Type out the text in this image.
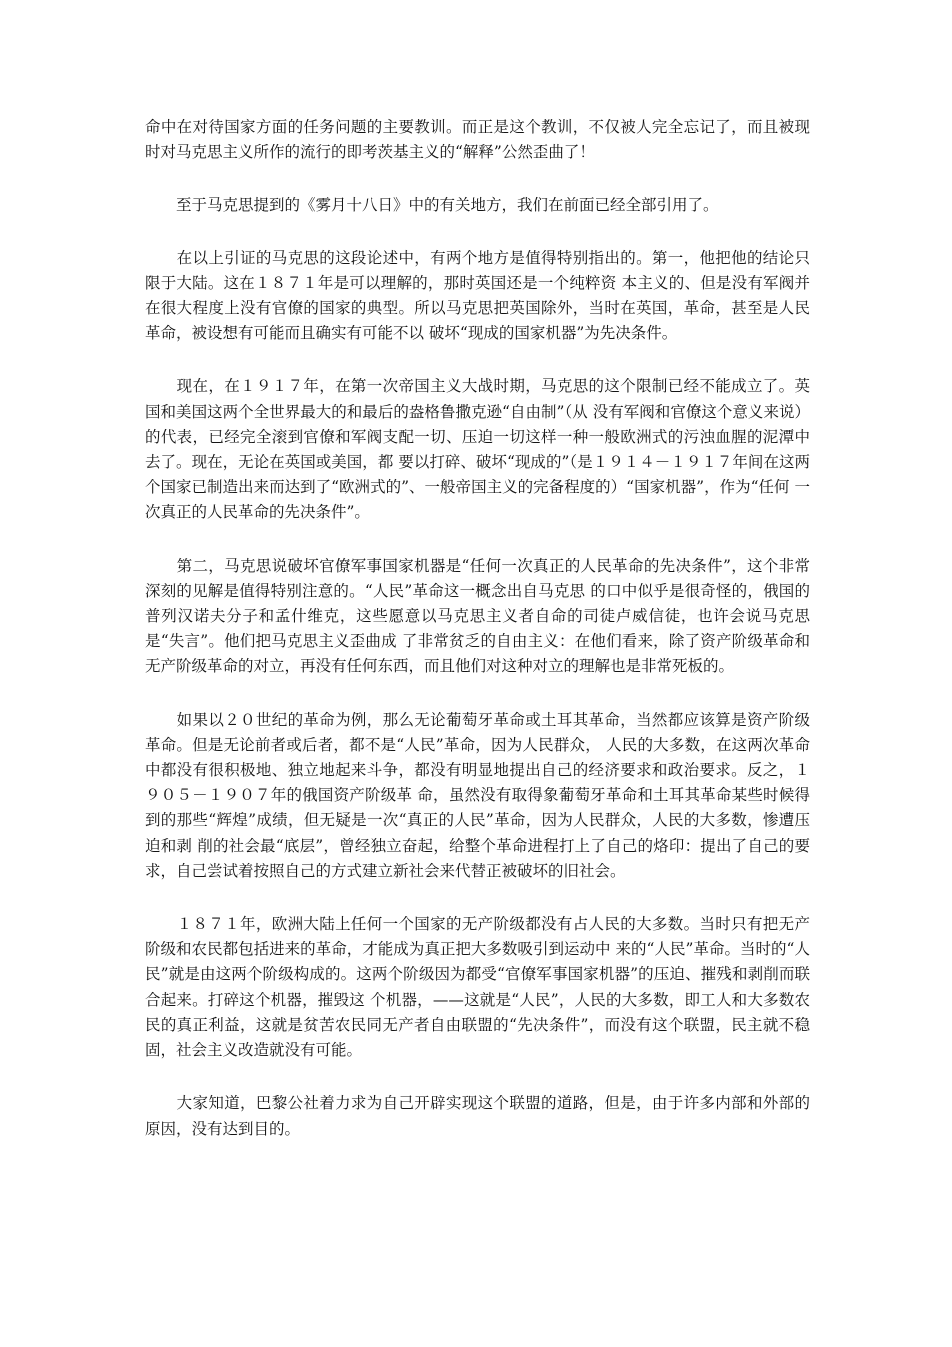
命中在对待国家方面的任务问题的主要教训。而正是这个教训，不仅被人完全忘记了，而且被现时对马克思主义所作的流行的即考茨基主义的“解释”公然歪曲了！

　　至于马克思提到的《雾月十八日》中的有关地方，我们在前面已经全部引用了。

　　在以上引证的马克思的这段论述中，有两个地方是值得特别指出的。第一，他把他的结论只限于大陆。这在１８７１年是可以理解的，那时英国还是一个纯粹资 本主义的、但是没有军阀并在很大程度上没有官僚的国家的典型。所以马克思把英国除外，当时在英国，革命，甚至是人民革命，被设想有可能而且确实有可能不以 破坏“现成的国家机器”为先决条件。

　　现在，在１９１７年，在第一次帝国主义大战时期，马克思的这个限制已经不能成立了。英国和美国这两个全世界最大的和最后的盎格鲁撒克逊“自由制”（从 没有军阀和官僚这个意义来说）的代表，已经完全滚到官僚和军阀支配一切、压迫一切这样一种一般欧洲式的污浊血腥的泥潭中去了。现在，无论在英国或美国，都 要以打碎、破坏“现成的”（是１９１４－１９１７年间在这两个国家已制造出来而达到了“欧洲式的”、一般帝国主义的完备程度的）“国家机器”，作为“任何 一次真正的人民革命的先决条件”。

　　第二，马克思说破坏官僚军事国家机器是“任何一次真正的人民革命的先决条件”，这个非常深刻的见解是值得特别注意的。“人民”革命这一概念出自马克思 的口中似乎是很奇怪的，俄国的普列汉诺夫分子和孟什维克，这些愿意以马克思主义者自命的司徒卢威信徒，也许会说马克思是“失言”。他们把马克思主义歪曲成 了非常贫乏的自由主义：在他们看来，除了资产阶级革命和无产阶级革命的对立，再没有任何东西，而且他们对这种对立的理解也是非常死板的。

　　如果以２０世纪的革命为例，那么无论葡萄牙革命或土耳其革命，当然都应该算是资产阶级革命。但是无论前者或后者，都不是“人民”革命，因为人民群众， 人民的大多数，在这两次革命中都没有很积极地、独立地起来斗争，都没有明显地提出自己的经济要求和政治要求。反之，１９０５－１９０７年的俄国资产阶级革 命，虽然没有取得象葡萄牙革命和土耳其革命某些时候得到的那些“辉煌”成绩，但无疑是一次“真正的人民”革命，因为人民群众，人民的大多数，惨遭压迫和剥 削的社会最“底层”，曾经独立奋起，给整个革命进程打上了自己的烙印：提出了自己的要求，自己尝试着按照自己的方式建立新社会来代替正被破坏的旧社会。

　　１８７１年，欧洲大陆上任何一个国家的无产阶级都没有占人民的大多数。当时只有把无产阶级和农民都包括进来的革命，才能成为真正把大多数吸引到运动中 来的“人民”革命。当时的“人民”就是由这两个阶级构成的。这两个阶级因为都受“官僚军事国家机器”的压迫、摧残和剥削而联合起来。打碎这个机器，摧毁这 个机器，——这就是“人民”，人民的大多数，即工人和大多数农民的真正利益，这就是贫苦农民同无产者自由联盟的“先决条件”，而没有这个联盟，民主就不稳 固，社会主义改造就没有可能。

　　大家知道，巴黎公社着力求为自己开辟实现这个联盟的道路，但是，由于许多内部和外部的原因，没有达到目的。
